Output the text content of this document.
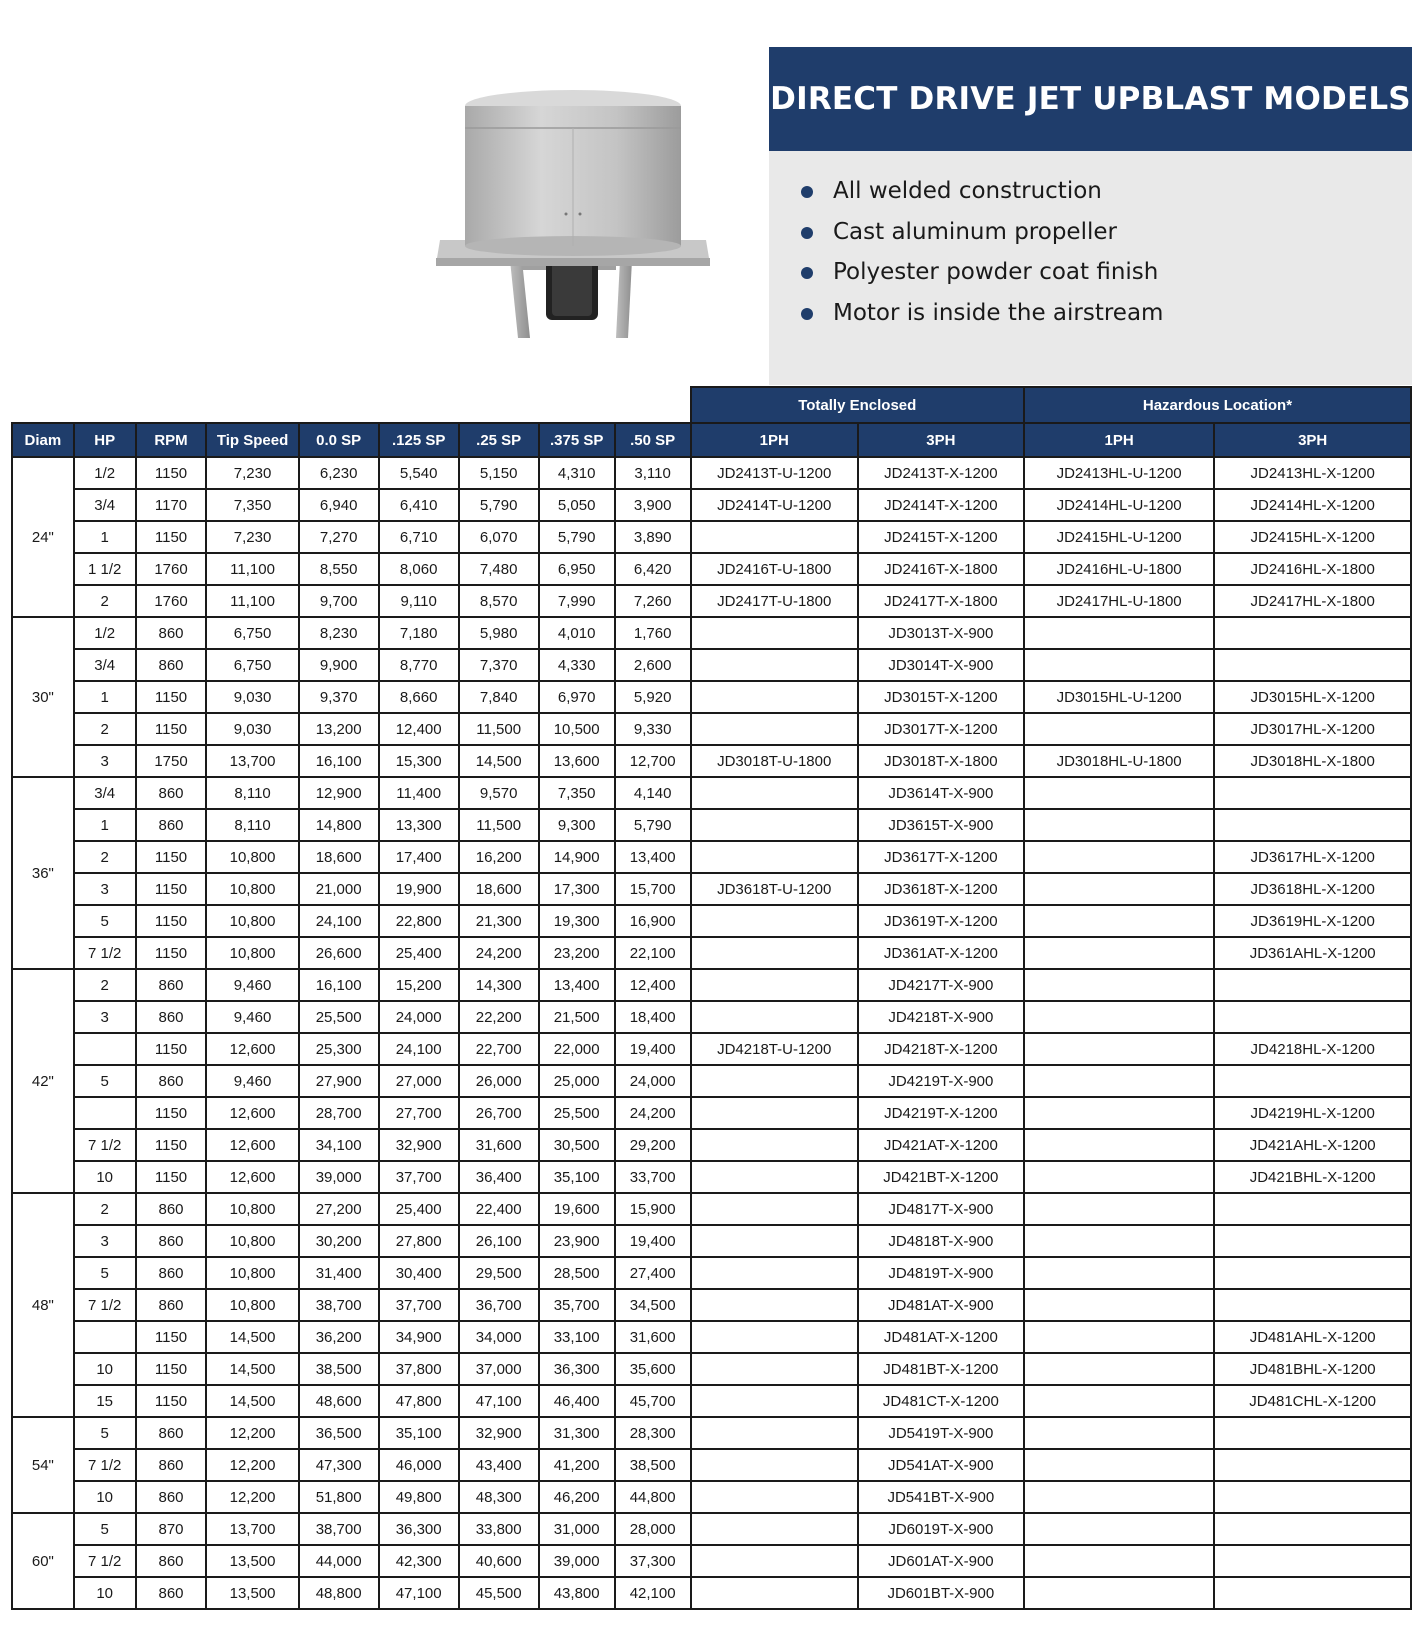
DIRECT DRIVE JET UPBLAST MODELS
All welded construction
Cast aluminum propeller
Polyester powder coat finish
Motor is inside the airstream
									Totally Enclosed		Hazardous Location*	
Diam	HP	RPM	Tip Speed	0.0 SP	.125 SP	.25 SP	.375 SP	.50 SP	1PH	3PH	1PH	3PH
24"	1/2	1150	7,230	6,230	5,540	5,150	4,310	3,110	JD2413T-U-1200	JD2413T-X-1200	JD2413HL-U-1200	JD2413HL-X-1200
	3/4	1170	7,350	6,940	6,410	5,790	5,050	3,900	JD2414T-U-1200	JD2414T-X-1200	JD2414HL-U-1200	JD2414HL-X-1200
	1	1150	7,230	7,270	6,710	6,070	5,790	3,890		JD2415T-X-1200	JD2415HL-U-1200	JD2415HL-X-1200
	1 1/2	1760	11,100	8,550	8,060	7,480	6,950	6,420	JD2416T-U-1800	JD2416T-X-1800	JD2416HL-U-1800	JD2416HL-X-1800
	2	1760	11,100	9,700	9,110	8,570	7,990	7,260	JD2417T-U-1800	JD2417T-X-1800	JD2417HL-U-1800	JD2417HL-X-1800
30"	1/2	860	6,750	8,230	7,180	5,980	4,010	1,760		JD3013T-X-900		
	3/4	860	6,750	9,900	8,770	7,370	4,330	2,600		JD3014T-X-900		
	1	1150	9,030	9,370	8,660	7,840	6,970	5,920		JD3015T-X-1200	JD3015HL-U-1200	JD3015HL-X-1200
	2	1150	9,030	13,200	12,400	11,500	10,500	9,330		JD3017T-X-1200		JD3017HL-X-1200
	3	1750	13,700	16,100	15,300	14,500	13,600	12,700	JD3018T-U-1800	JD3018T-X-1800	JD3018HL-U-1800	JD3018HL-X-1800
36"	3/4	860	8,110	12,900	11,400	9,570	7,350	4,140		JD3614T-X-900		
	1	860	8,110	14,800	13,300	11,500	9,300	5,790		JD3615T-X-900		
	2	1150	10,800	18,600	17,400	16,200	14,900	13,400		JD3617T-X-1200		JD3617HL-X-1200
	3	1150	10,800	21,000	19,900	18,600	17,300	15,700	JD3618T-U-1200	JD3618T-X-1200		JD3618HL-X-1200
	5	1150	10,800	24,100	22,800	21,300	19,300	16,900		JD3619T-X-1200		JD3619HL-X-1200
	7 1/2	1150	10,800	26,600	25,400	24,200	23,200	22,100		JD361AT-X-1200		JD361AHL-X-1200
42"	2	860	9,460	16,100	15,200	14,300	13,400	12,400		JD4217T-X-900		
	3	860	9,460	25,500	24,000	22,200	21,500	18,400		JD4218T-X-900		
		1150	12,600	25,300	24,100	22,700	22,000	19,400	JD4218T-U-1200	JD4218T-X-1200		JD4218HL-X-1200
	5	860	9,460	27,900	27,000	26,000	25,000	24,000		JD4219T-X-900		
		1150	12,600	28,700	27,700	26,700	25,500	24,200		JD4219T-X-1200		JD4219HL-X-1200
	7 1/2	1150	12,600	34,100	32,900	31,600	30,500	29,200		JD421AT-X-1200		JD421AHL-X-1200
	10	1150	12,600	39,000	37,700	36,400	35,100	33,700		JD421BT-X-1200		JD421BHL-X-1200
48"	2	860	10,800	27,200	25,400	22,400	19,600	15,900		JD4817T-X-900		
	3	860	10,800	30,200	27,800	26,100	23,900	19,400		JD4818T-X-900		
	5	860	10,800	31,400	30,400	29,500	28,500	27,400		JD4819T-X-900		
	7 1/2	860	10,800	38,700	37,700	36,700	35,700	34,500		JD481AT-X-900		
		1150	14,500	36,200	34,900	34,000	33,100	31,600		JD481AT-X-1200		JD481AHL-X-1200
	10	1150	14,500	38,500	37,800	37,000	36,300	35,600		JD481BT-X-1200		JD481BHL-X-1200
	15	1150	14,500	48,600	47,800	47,100	46,400	45,700		JD481CT-X-1200		JD481CHL-X-1200
54"	5	860	12,200	36,500	35,100	32,900	31,300	28,300		JD5419T-X-900		
	7 1/2	860	12,200	47,300	46,000	43,400	41,200	38,500		JD541AT-X-900		
	10	860	12,200	51,800	49,800	48,300	46,200	44,800		JD541BT-X-900		
60"	5	870	13,700	38,700	36,300	33,800	31,000	28,000		JD6019T-X-900		
	7 1/2	860	13,500	44,000	42,300	40,600	39,000	37,300		JD601AT-X-900		
	10	860	13,500	48,800	47,100	45,500	43,800	42,100		JD601BT-X-900		
